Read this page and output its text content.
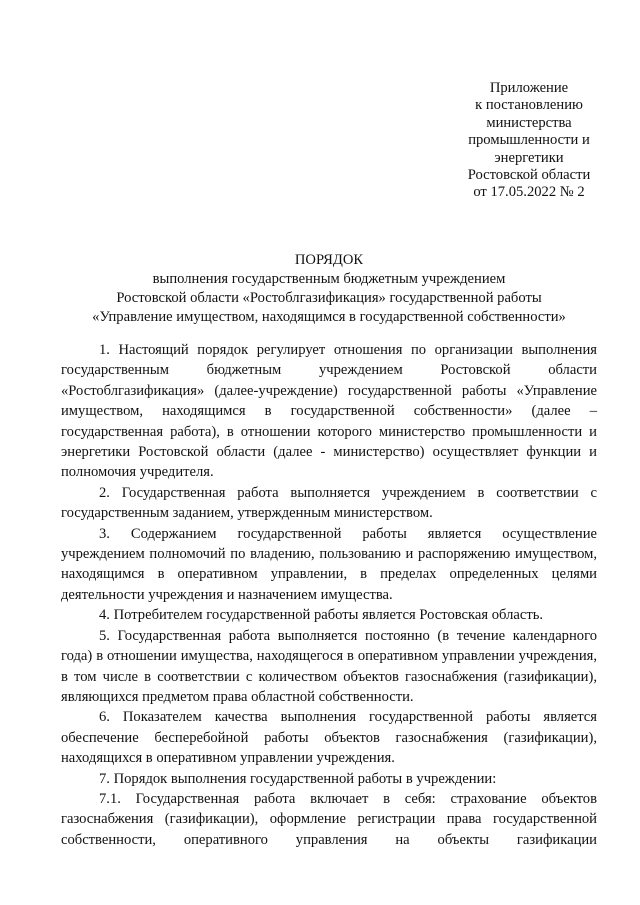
Приложение
к постановлению
министерства
промышленности и
энергетики
Ростовской области
от 17.05.2022 № 2
ПОРЯДОК
выполнения государственным бюджетным учреждением
Ростовской области «Ростоблгазификация» государственной работы
«Управление имуществом, находящимся в государственной собственности»

1. Настоящий порядок регулирует отношения по организации выполнения государственным бюджетным учреждением Ростовской области «Ростоблгазификация» (далее-учреждение) государственной работы «Управление имуществом, находящимся в государственной собственности» (далее – государственная работа), в отношении которого министерство промышленности и энергетики Ростовской области (далее - министерство) осуществляет функции и полномочия учредителя.

2. Государственная работа выполняется учреждением в соответствии с государственным заданием, утвержденным министерством.

3. Содержанием государственной работы является осуществление учреждением полномочий по владению, пользованию и распоряжению имуществом, находящимся в оперативном управлении, в пределах определенных целями деятельности учреждения и назначением имущества.

4. Потребителем государственной работы является Ростовская область.

5. Государственная работа выполняется постоянно (в течение календарного года) в отношении имущества, находящегося в оперативном управлении учреждения, в том числе в соответствии с количеством объектов газоснабжения (газификации), являющихся предметом права областной собственности.

6. Показателем качества выполнения государственной работы является обеспечение бесперебойной работы объектов газоснабжения (газификации), находящихся в оперативном управлении учреждения.

7. Порядок выполнения государственной работы в учреждении:

7.1. Государственная работа включает в себя: страхование объектов газоснабжения (газификации), оформление регистрации права государственной собственности, оперативного управления на объекты газификации
